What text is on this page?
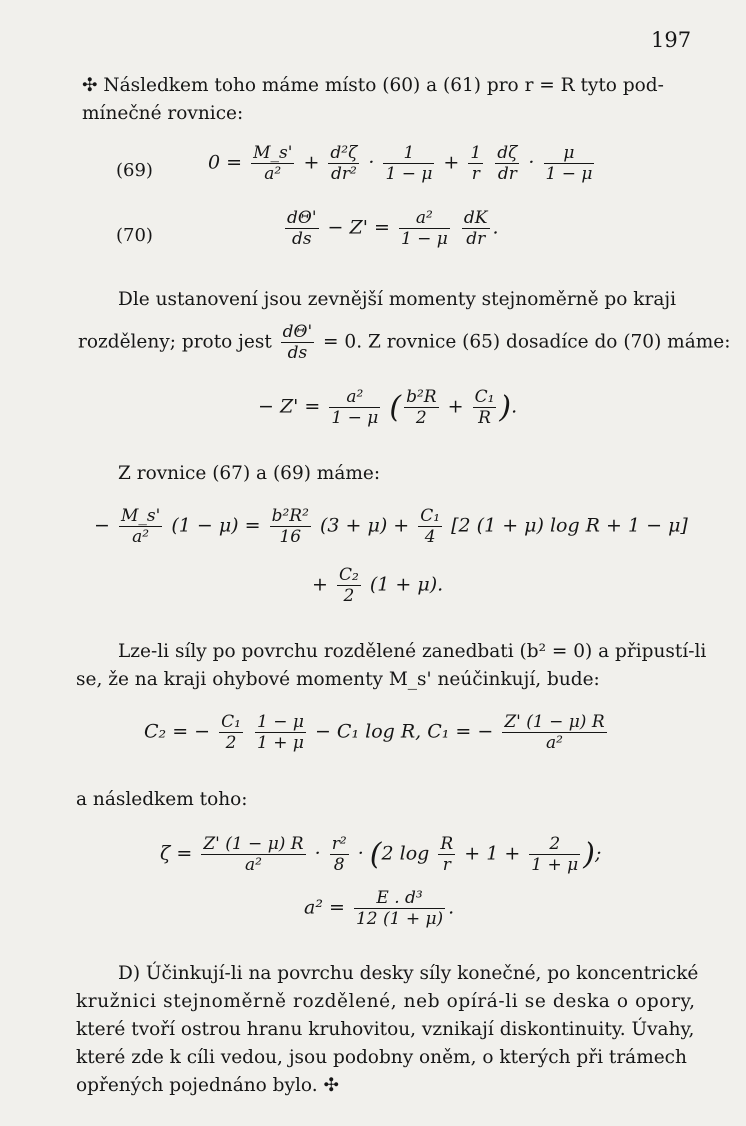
197
✣ Následkem toho máme místo (60) a (61) pro r = R tyto pod-
mínečné rovnice:
(69)	$0 = \frac{M\_s'}{\text{a²}} + \frac{\text{d²ζ}}{\text{dr²}} \cdot \frac{1}{1 - \mu} + \frac{1}{r}$
$\frac{d\zeta}{dr} \cdot \frac{\mu}{1 - \mu}$
(70)	$\frac{d\Theta'}{ds} - Z' = \frac{\text{a²}}{1 - \mu}$
$\frac{dK}{dr}$ .
Dle ustanovení jsou zevnější momenty stejnoměrně po kraji
rozděleny; proto jest $\frac{d\Theta'}{ds} = 0$. Z rovnice (65) dosadíce do (70) máme:
− $Z' = \frac{\text{a²}}{1 - \mu}$ ( $\frac{\text{b²R}}{2} + \frac{\text{C₁}}{R}$ ).
Z rovnice (67) a (69) máme:
− $\frac{M\_s'}{\text{a²}} (1 - \mu) = \frac{\text{b²R²}}{16} (3 + \mu) + \frac{\text{C₁}}{4} [2$ (1 + μ) log R + 1 − μ]
+ $\frac{\text{C₂}}{2} (1 + \mu)$.
Lze-li síly po povrchu rozdělené zanedbati (b² = 0) a připustí-li
se, že na kraji ohybové momenty M_s' neúčinkují, bude:
C₂ = − $\frac{\text{C₁}}{2}$
$\frac{1 - \mu}{1 + \mu} - C_1$ log R, C₁ = − $\frac{Z' (1 - \mu) R}{\text{a²}}$
a následkem toho:
$\zeta = \frac{Z' (1 - \mu) R}{\text{a²}} \cdot \frac{\text{r²}}{8} \cdot (2$ $\log \frac{R}{r} + 1 + \frac{2}{1 + \mu}$ );
$a^2 = \frac{\text{E . d³}}{12 (1 + \mu)}$ .
D) Účinkují-li na povrchu desky síly konečné, po koncentrické
kružnici stejnoměrně rozdělené, neb opírá-li se deska o opory,
které tvoří ostrou hranu kruhovitou, vznikají diskontinuity. Úvahy,
které zde k cíli vedou, jsou podobny oněm, o kterých při trámech
opřených pojednáno bylo. ✣
